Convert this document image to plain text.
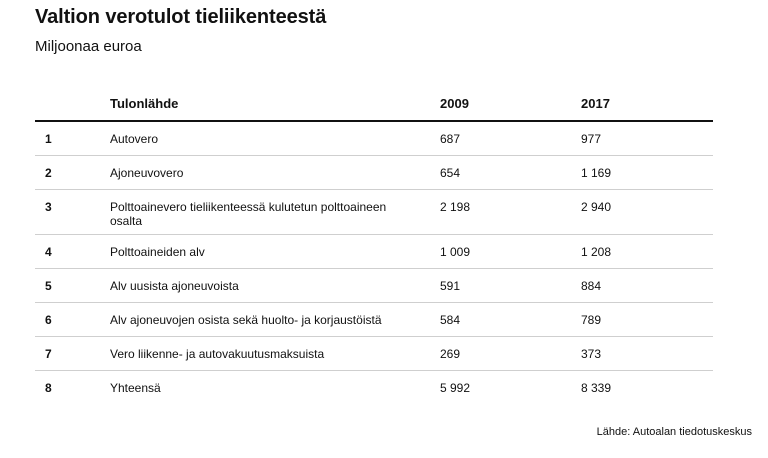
Valtion verotulot tieliikenteestä
Miljoonaa euroa
	Tulonlähde	2009	2017

1	Autovero	687	977

2	Ajoneuvovero	654	1 169

3	Polttoainevero tieliikenteessä kulutetun polttoaineen osalta	2 198	2 940

4	Polttoaineiden alv	1 009	1 208

5	Alv uusista ajoneuvoista	591	884

6	Alv ajoneuvojen osista sekä huolto- ja korjaustöistä	584	789

7	Vero liikenne- ja autovakuutusmaksuista	269	373

8	Yhteensä	5 992	8 339
Lähde: Autoalan tiedotuskeskus
